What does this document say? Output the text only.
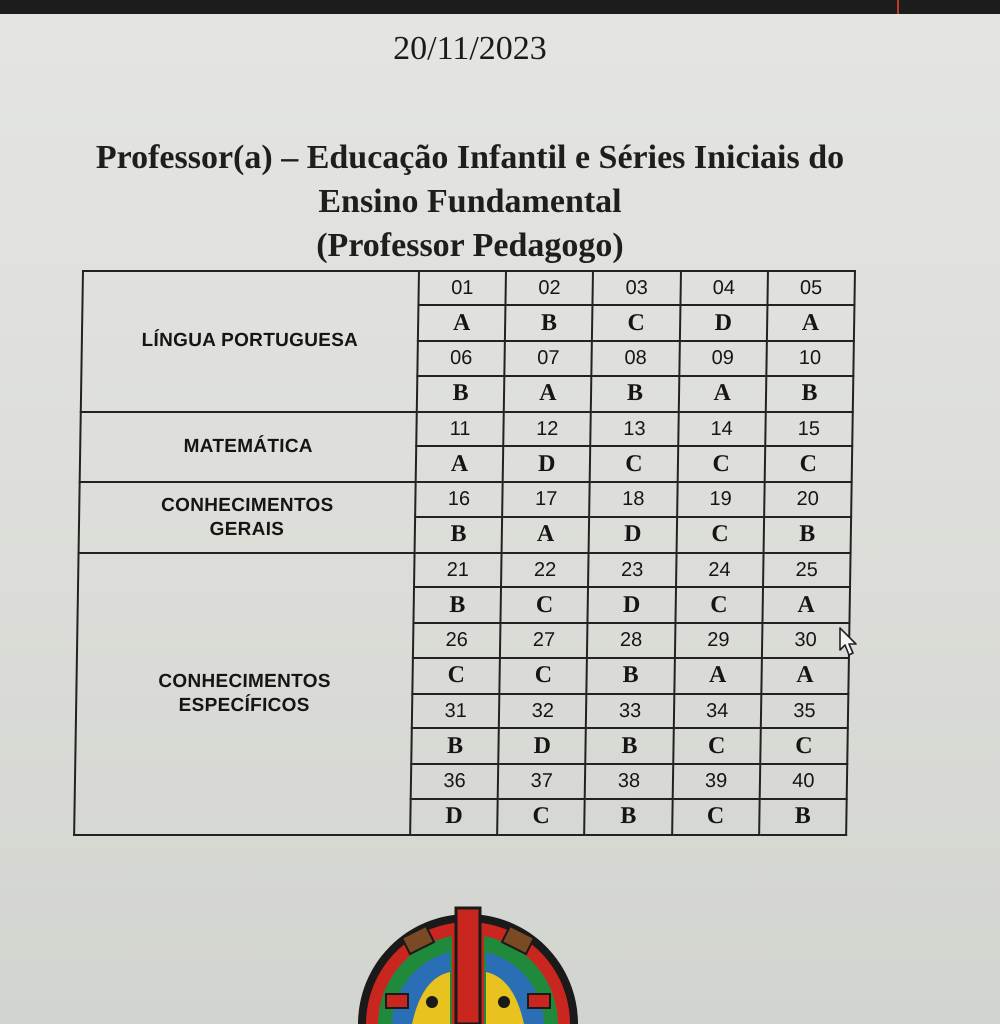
20/11/2023
Professor(a) – Educação Infantil e Séries Iniciais do
Ensino Fundamental
(Professor Pedagogo)
LÍNGUA PORTUGUESA	01	02	03	04	05
	A	B	C	D	A
	06	07	08	09	10
	B	A	B	A	B
MATEMÁTICA	11	12	13	14	15
	A	D	C	C	C

CONHECIMENTOS
GERAIS	16	17	18	19	20
	B	A	D	C	B

CONHECIMENTOS
ESPECÍFICOS	21	22	23	24	25
	B	C	D	C	A
	26	27	28	29	30
	C	C	B	A	A
	31	32	33	34	35
	B	D	B	C	C
	36	37	38	39	40
	D	C	B	C	B
